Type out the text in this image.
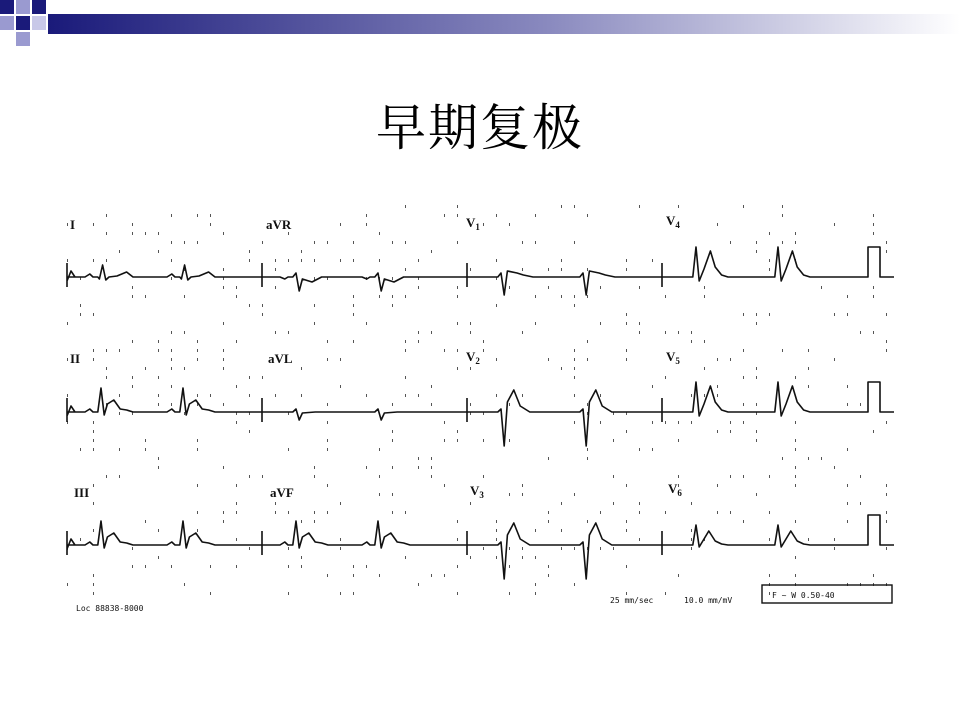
早期复极
I	aVR	$V_1$	$V_4$
II	aVL	$V_2$	$V_5$
III	aVF	$V_3$	$V_6$
Loc 88838-8000
25 mm/sec	10.0 mm/mV
F ~ W 0.50-40
